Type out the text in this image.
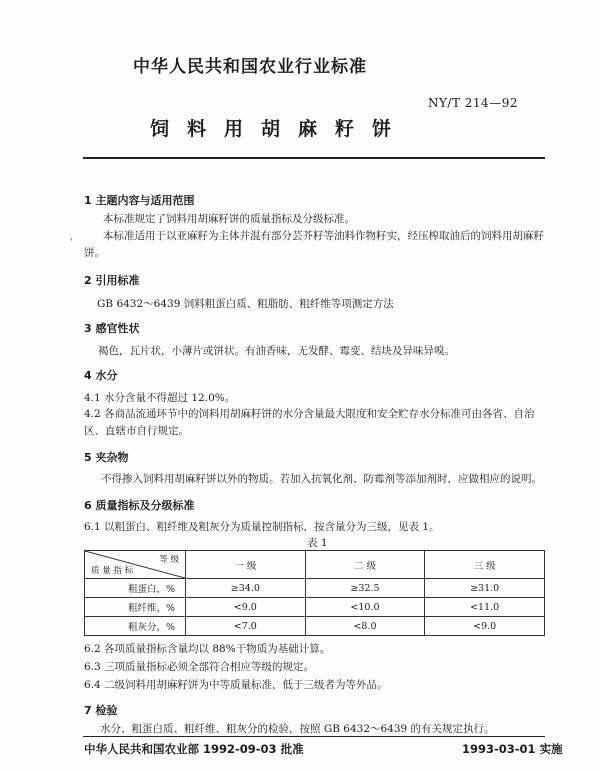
中华人民共和国农业行业标准
NY/T 214—92
饲料用胡麻籽饼
1 主题内容与适用范围
本标准规定了饲料用胡麻籽饼的质量指标及分级标准。
本标准适用于以亚麻籽为主体并混有部分芸芥籽等油料作物籽实，经压榨取油后的饲料用胡麻籽
'
饼。
2 引用标准
GB 6432～6439 饲料粗蛋白质、粗脂肪、粗纤维等项测定方法
3 感官性状
褐色，瓦片状，小薄片或饼状。有油香味，无发酵、霉变、结块及异味异嗅。
4 水分
4.1 水分含量不得超过 12.0%。
4.2 各商品流通环节中的饲料用胡麻籽饼的水分含量最大限度和安全贮存水分标准可由各省、自治
区、直辖市自行规定。
5 夹杂物
不得掺入饲料用胡麻籽饼以外的物质。若加入抗氧化剂、防霉剂等添加剂时，应做相应的说明。
6 质量指标及分级标准
6.1 以粗蛋白、粗纤维及粗灰分为质量控制指标，按含量分为三级，见表 1。
表 1
等 级
质 量 指 标	一 级	二 级	三 级
粗蛋白，%	≥34.0	≥32.5	≥31.0
粗纤维，%	<9.0	<10.0	<11.0
粗灰分，%	<7.0	<8.0	<9.0
6.2 各项质量指标含量均以 88%干物质为基础计算。
6.3 三项质量指标必须全部符合相应等级的规定。
6.4 二级饲料用胡麻籽饼为中等质量标准，低于三级者为等外品。
7 检验
水分、粗蛋白质、粗纤维、粗灰分的检验，按照 GB 6432～6439 的有关规定执行。
中华人民共和国农业部 1992-09-03 批准	1993-03-01 实施
